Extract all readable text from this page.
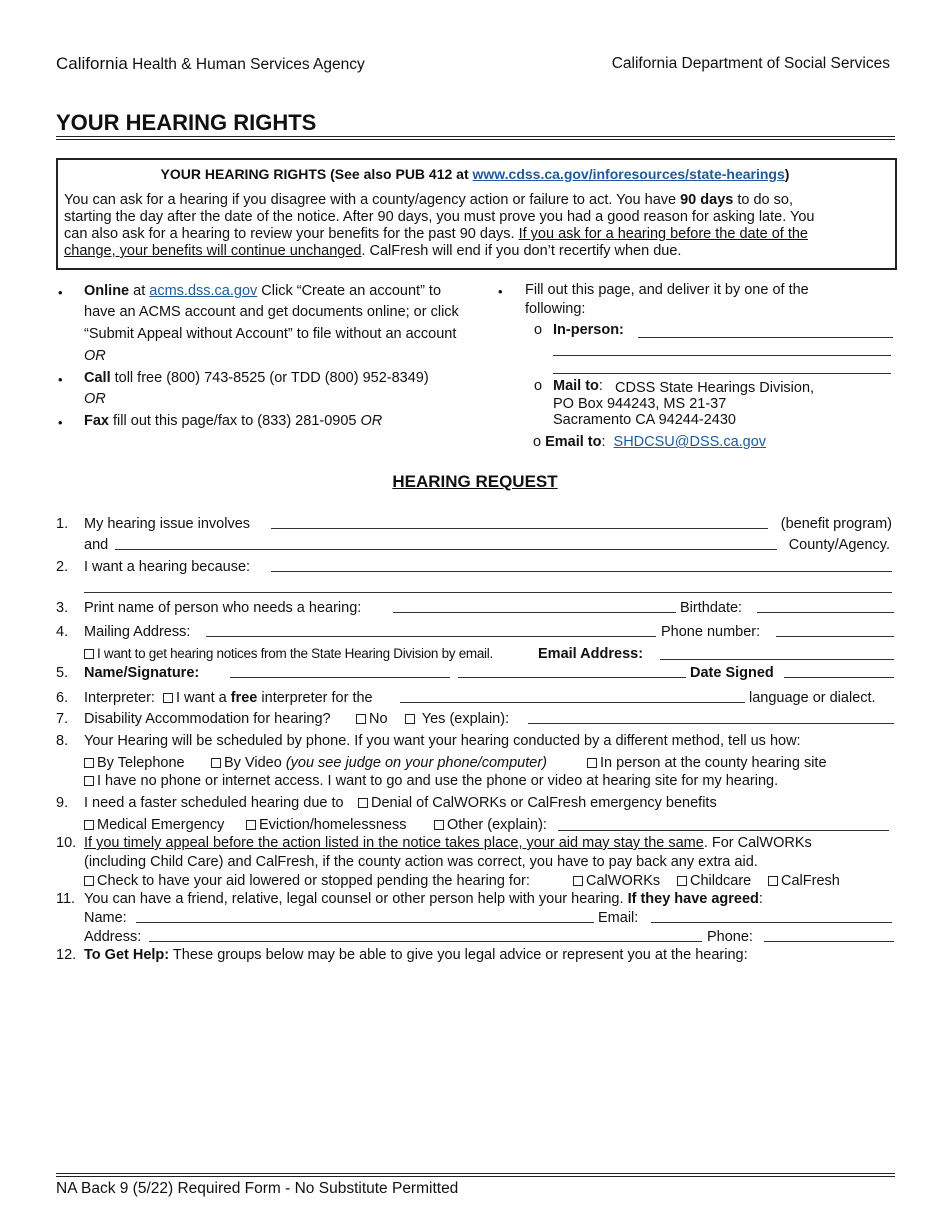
California Health & Human Services Agency	California Department of Social Services
YOUR HEARING RIGHTS
YOUR HEARING RIGHTS (See also PUB 412 at www.cdss.ca.gov/inforesources/state-hearings)
You can ask for a hearing if you disagree with a county/agency action or failure to act. You have 90 days to do so,
starting the day after the date of the notice. After 90 days, you must prove you had a good reason for asking late. You
can also ask for a hearing to review your benefits for the past 90 days. If you ask for a hearing before the date of the
change, your benefits will continue unchanged. CalFresh will end if you don’t recertify when due.
• Online at acms.dss.ca.gov Click “Create an account” to
have an ACMS account and get documents online; or click
“Submit Appeal without Account” to file without an account
OR
• Call toll free (800) 743-8525 (or TDD (800) 952-8349)
OR
• Fax fill out this page/fax to (833) 281-0905 OR
• Fill out this page, and deliver it by one of the
following:
o In-person:
o Mail to: CDSS State Hearings Division,
PO Box 944243, MS 21-37
Sacramento CA 94244-2430
o Email to: SHDCSU@DSS.ca.gov
HEARING REQUEST
1. My hearing issue involves	(benefit program)
and	County/Agency.
2. I want a hearing because:
3. Print name of person who needs a hearing:	Birthdate:
4. Mailing Address:	Phone number:
I want to get hearing notices from the State Hearing Division by email.	Email Address:
5. Name/Signature:	Date Signed
6. Interpreter: I want a free interpreter for the	language or dialect.
7. Disability Accommodation for hearing?	No	Yes (explain):
8. Your Hearing will be scheduled by phone. If you want your hearing conducted by a different method, tell us how:
By Telephone	By Video (you see judge on your phone/computer)	In person at the county hearing site
I have no phone or internet access. I want to go and use the phone or video at hearing site for my hearing.
9. I need a faster scheduled hearing due to	Denial of CalWORKs or CalFresh emergency benefits
Medical Emergency	Eviction/homelessness	Other (explain):
10. If you timely appeal before the action listed in the notice takes place, your aid may stay the same. For CalWORKs
(including Child Care) and CalFresh, if the county action was correct, you have to pay back any extra aid.
Check to have your aid lowered or stopped pending the hearing for:	CalWORKs	Childcare	CalFresh
11. You can have a friend, relative, legal counsel or other person help with your hearing. If they have agreed:
Name:	Email:
Address:	Phone:
12. To Get Help: These groups below may be able to give you legal advice or represent you at the hearing:
NA Back 9 (5/22) Required Form - No Substitute Permitted
